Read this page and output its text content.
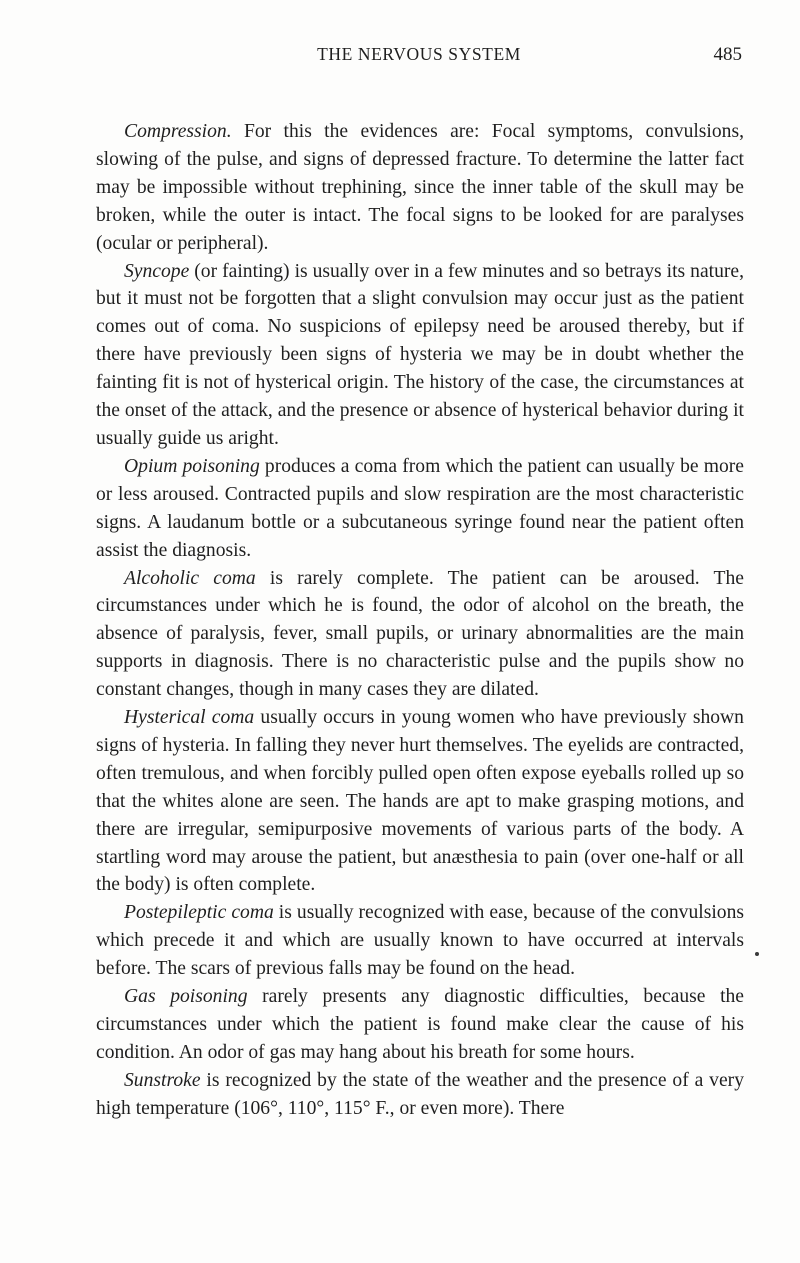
THE NERVOUS SYSTEM	485

Compression. For this the evidences are: Focal symptoms, convulsions, slowing of the pulse, and signs of depressed fracture. To determine the latter fact may be impossible without trephining, since the inner table of the skull may be broken, while the outer is intact. The focal signs to be looked for are paralyses (ocular or peripheral).

Syncope (or fainting) is usually over in a few minutes and so betrays its nature, but it must not be forgotten that a slight convulsion may occur just as the patient comes out of coma. No suspicions of epilepsy need be aroused thereby, but if there have previously been signs of hysteria we may be in doubt whether the fainting fit is not of hysterical origin. The history of the case, the circumstances at the onset of the attack, and the presence or absence of hysterical behavior during it usually guide us aright.

Opium poisoning produces a coma from which the patient can usually be more or less aroused. Contracted pupils and slow respiration are the most characteristic signs. A laudanum bottle or a subcutaneous syringe found near the patient often assist the diagnosis.

Alcoholic coma is rarely complete. The patient can be aroused. The circumstances under which he is found, the odor of alcohol on the breath, the absence of paralysis, fever, small pupils, or urinary abnormalities are the main supports in diagnosis. There is no characteristic pulse and the pupils show no constant changes, though in many cases they are dilated.

Hysterical coma usually occurs in young women who have previously shown signs of hysteria. In falling they never hurt themselves. The eyelids are contracted, often tremulous, and when forcibly pulled open often expose eyeballs rolled up so that the whites alone are seen. The hands are apt to make grasping motions, and there are irregular, semipurposive movements of various parts of the body. A startling word may arouse the patient, but anæsthesia to pain (over one-half or all the body) is often complete.

Postepileptic coma is usually recognized with ease, because of the convulsions which precede it and which are usually known to have occurred at intervals before. The scars of previous falls may be found on the head.

Gas poisoning rarely presents any diagnostic difficulties, because the circumstances under which the patient is found make clear the cause of his condition. An odor of gas may hang about his breath for some hours.

Sunstroke is recognized by the state of the weather and the presence of a very high temperature (106°, 110°, 115° F., or even more). There
